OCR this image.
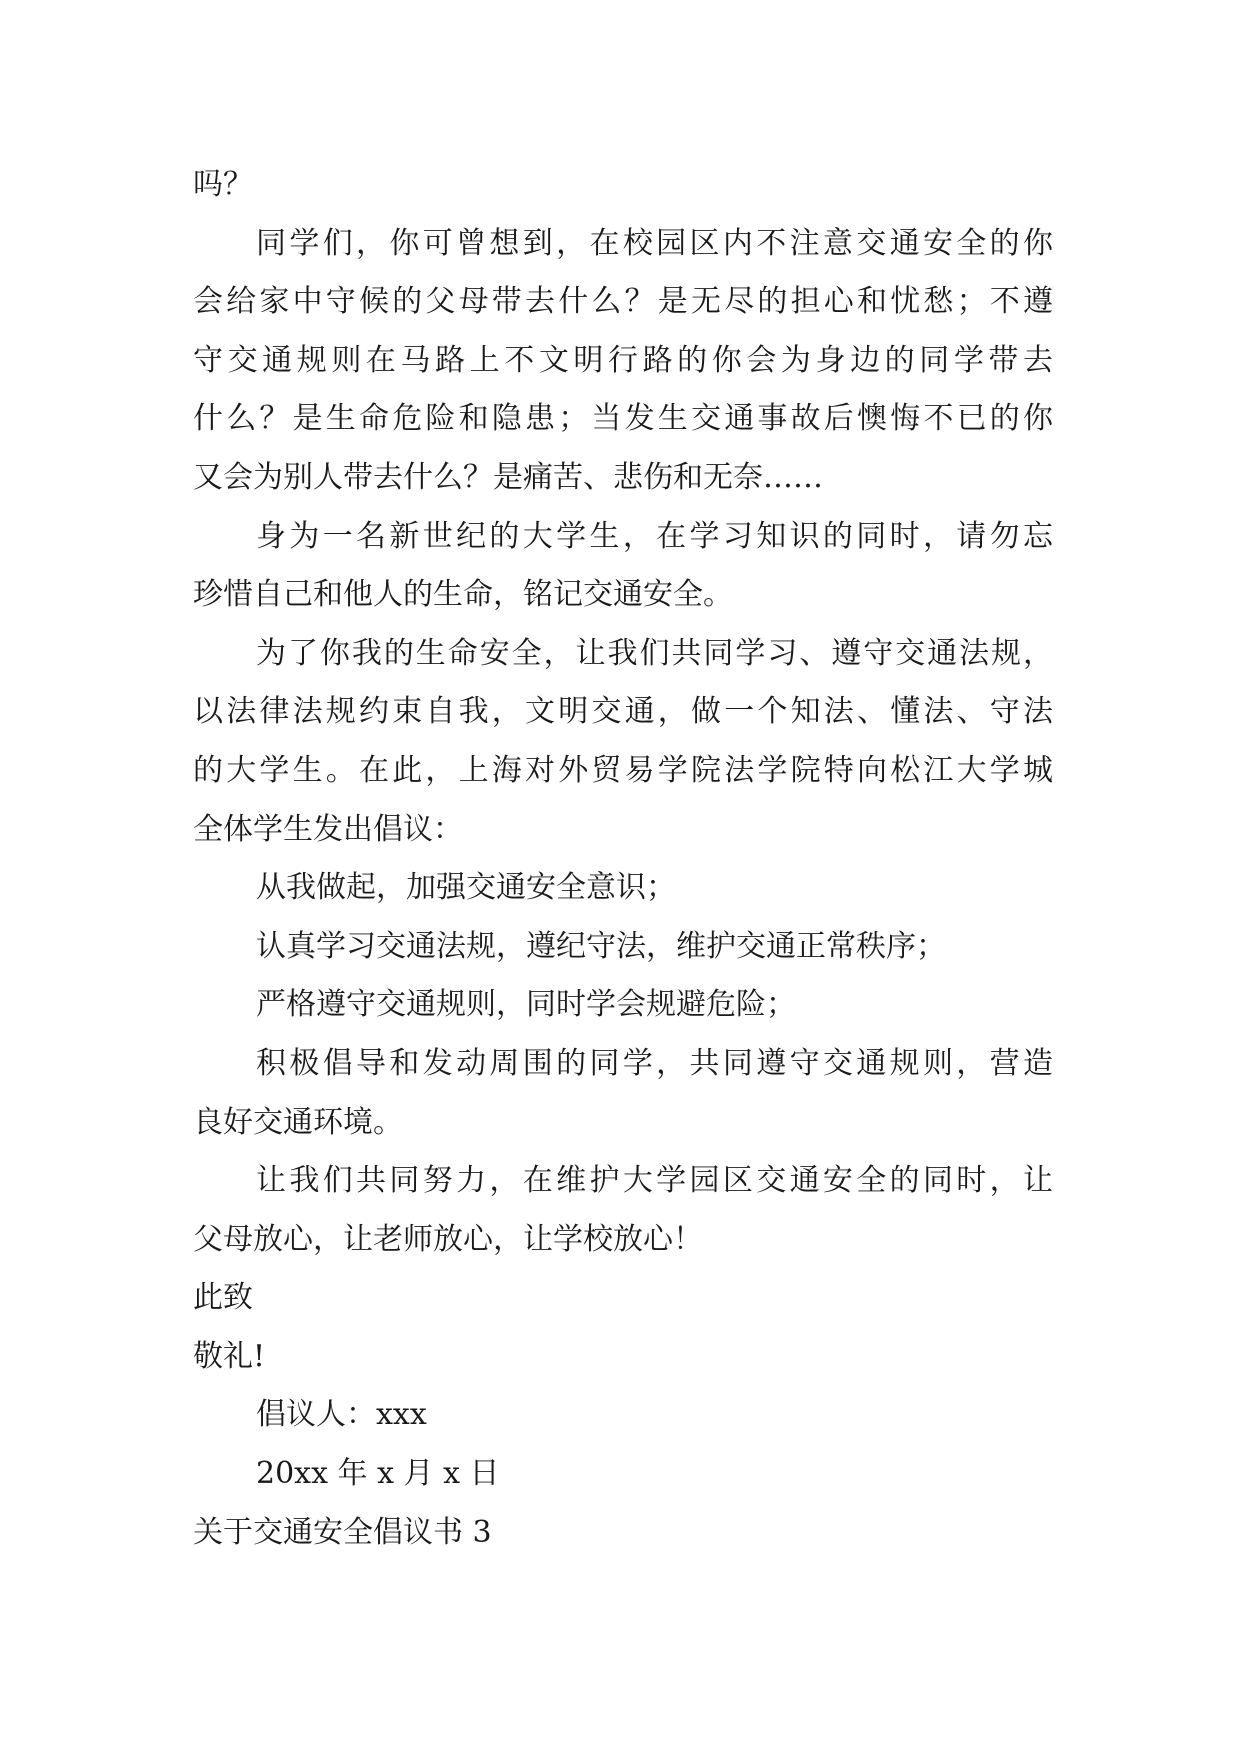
吗？
同学们，你可曾想到，在校园区内不注意交通安全的你
会给家中守候的父母带去什么？是无尽的担心和忧愁；不遵
守交通规则在马路上不文明行路的你会为身边的同学带去
什么？是生命危险和隐患；当发生交通事故后懊悔不已的你
又会为别人带去什么？是痛苦、悲伤和无奈……
身为一名新世纪的大学生，在学习知识的同时，请勿忘
珍惜自己和他人的生命，铭记交通安全。
为了你我的生命安全，让我们共同学习、遵守交通法规，
以法律法规约束自我，文明交通，做一个知法、懂法、守法
的大学生。在此，上海对外贸易学院法学院特向松江大学城
全体学生发出倡议：
从我做起，加强交通安全意识；
认真学习交通法规，遵纪守法，维护交通正常秩序；
严格遵守交通规则，同时学会规避危险；
积极倡导和发动周围的同学，共同遵守交通规则，营造
良好交通环境。
让我们共同努力，在维护大学园区交通安全的同时，让
父母放心，让老师放心，让学校放心！
此致
敬礼!
倡议人：xxx
20xx 年 x 月 x 日
关于交通安全倡议书 3
